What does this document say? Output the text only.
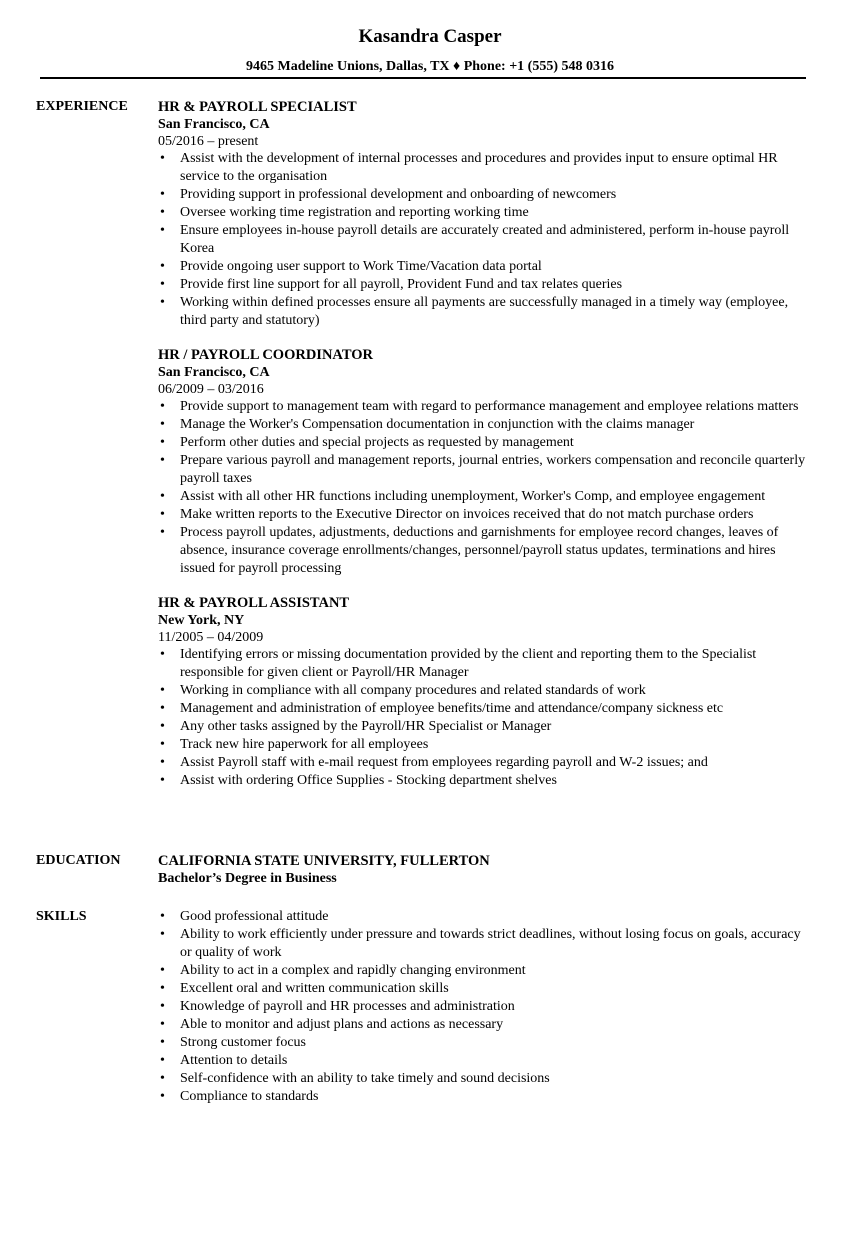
Kasandra Casper
9465 Madeline Unions, Dallas, TX ♦ Phone: +1 (555) 548 0316
EXPERIENCE HR & PAYROLL SPECIALIST
San Francisco, CA
05/2016 – present
• Assist with the development of internal processes and procedures and provides input to ensure optimal HR service to the organisation
• Providing support in professional development and onboarding of newcomers
• Oversee working time registration and reporting working time
• Ensure employees in-house payroll details are accurately created and administered, perform in-house payroll Korea
• Provide ongoing user support to Work Time/Vacation data portal
• Provide first line support for all payroll, Provident Fund and tax relates queries
• Working within defined processes ensure all payments are successfully managed in a timely way (employee, third party and statutory)
HR / PAYROLL COORDINATOR
San Francisco, CA
06/2009 – 03/2016
• Provide support to management team with regard to performance management and employee relations matters
• Manage the Worker's Compensation documentation in conjunction with the claims manager
• Perform other duties and special projects as requested by management
• Prepare various payroll and management reports, journal entries, workers compensation and reconcile quarterly payroll taxes
• Assist with all other HR functions including unemployment, Worker's Comp, and employee engagement
• Make written reports to the Executive Director on invoices received that do not match purchase orders
• Process payroll updates, adjustments, deductions and garnishments for employee record changes, leaves of absence, insurance coverage enrollments/changes, personnel/payroll status updates, terminations and hires issued for payroll processing
HR & PAYROLL ASSISTANT
New York, NY
11/2005 – 04/2009
• Identifying errors or missing documentation provided by the client and reporting them to the Specialist responsible for given client or Payroll/HR Manager
• Working in compliance with all company procedures and related standards of work
• Management and administration of employee benefits/time and attendance/company sickness etc
• Any other tasks assigned by the Payroll/HR Specialist or Manager
• Track new hire paperwork for all employees
• Assist Payroll staff with e-mail request from employees regarding payroll and W-2 issues; and
• Assist with ordering Office Supplies - Stocking department shelves
EDUCATION	CALIFORNIA STATE UNIVERSITY, FULLERTON
Bachelor’s Degree in Business
SKILLS
•	Good professional attitude
• Ability to work efficiently under pressure and towards strict deadlines, without losing focus on goals, accuracy or quality of work
• Ability to act in a complex and rapidly changing environment
• Excellent oral and written communication skills
• Knowledge of payroll and HR processes and administration
• Able to monitor and adjust plans and actions as necessary
• Strong customer focus
• Attention to details
• Self-confidence with an ability to take timely and sound decisions
• Compliance to standards
